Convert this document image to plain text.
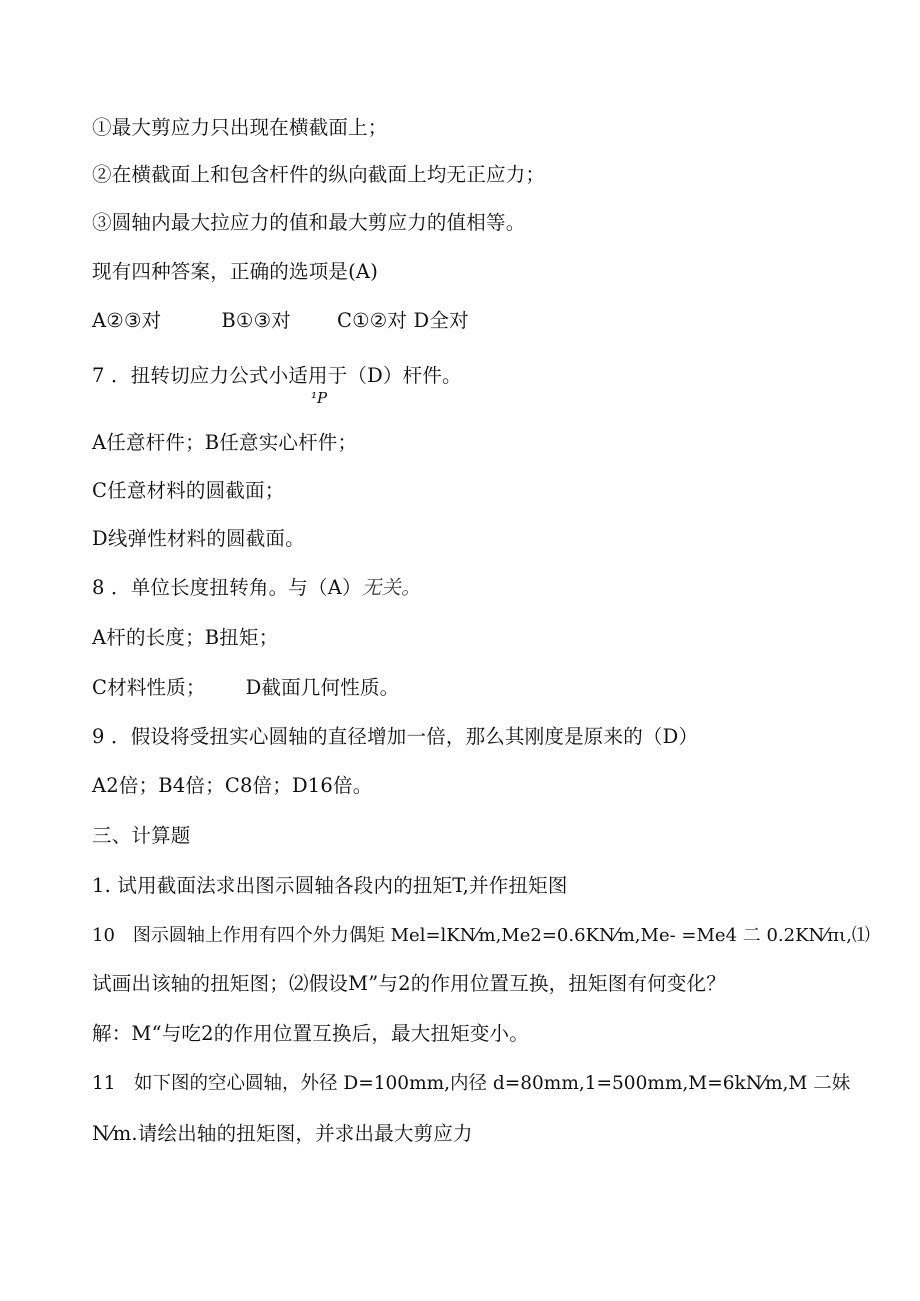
①最大剪应力只出现在横截面上；
②在横截面上和包含杆件的纵向截面上均无正应力；
③圆轴内最大拉应力的值和最大剪应力的值相等。
现有四种答案，正确的选项是(A)
A②③对	B①③对 C①②对 D全对
7 ．扭转切应力公式小适用于（D）杆件。
¹P
A任意杆件；B任意实心杆件；
C任意材料的圆截面；
D线弹性材料的圆截面。
8 ．单位长度扭转角。与（A）无关。
A杆的长度；B扭矩；
C材料性质； D截面几何性质。
9 ．假设将受扭实心圆轴的直径增加一倍，那么其刚度是原来的（D）
A2倍；B4倍；C8倍；D16倍。
三、计算题
1. 试用截面法求出图示圆轴各段内的扭矩T,并作扭矩图
10　图示圆轴上作用有四个外力偶矩 Mel=lKN⁄m,Me2=0.6KN⁄m,Me- =Me4 二 0.2KN⁄πι,⑴
试画出该轴的扭矩图；⑵假设M”与2的作用位置互换，扭矩图有何变化？
解：M“与吃2的作用位置互换后，最大扭矩变小。
11　如下图的空心圆轴，外径 D=100mm,内径 d=80mm,1=500mm,M=6kN⁄m,M 二妹
N⁄m.请绘出轴的扭矩图，并求出最大剪应力
